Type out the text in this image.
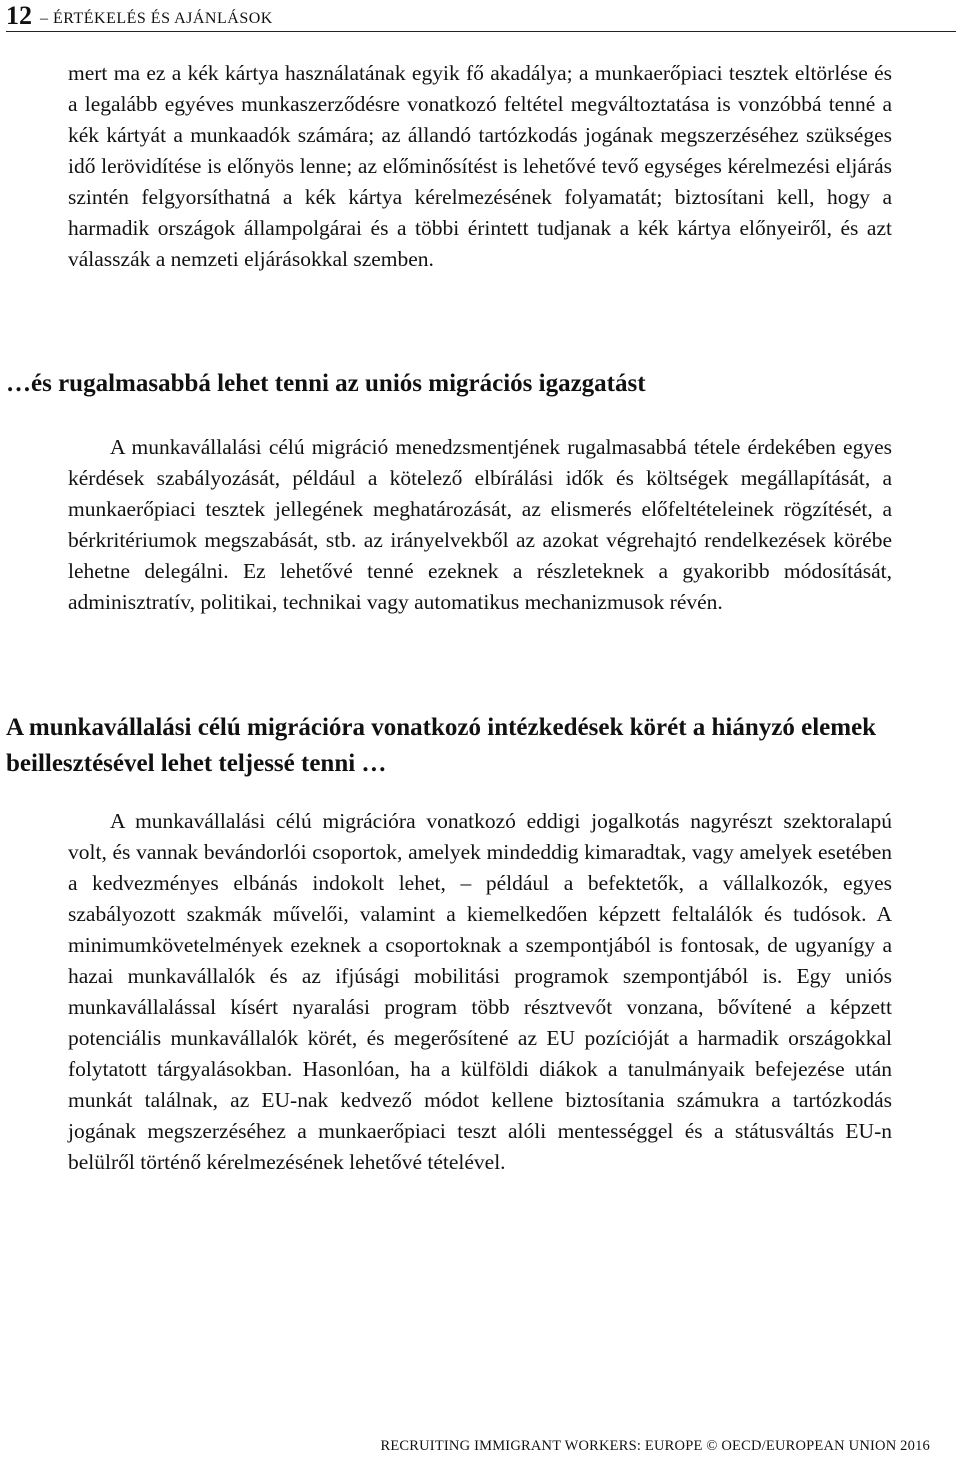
12 – ÉRTÉKELÉS ÉS AJÁNLÁSOK

mert ma ez a kék kártya használatának egyik fő akadálya; a munkaerőpiaci tesztek eltörlése és a legalább egyéves munkaszerződésre vonatkozó feltétel megváltoztatása is vonzóbbá tenné a kék kártyát a munkaadók számára; az állandó tartózkodás jogának megszerzéséhez szükséges idő lerövidítése is előnyös lenne; az előminősítést is lehetővé tevő egységes kérelmezési eljárás szintén felgyorsíthatná a kék kártya kérelmezésének folyamatát; biztosítani kell, hogy a harmadik országok állampolgárai és a többi érintett tudjanak a kék kártya előnyeiről, és azt válasszák a nemzeti eljárásokkal szemben.

…és rugalmasabbá lehet tenni az uniós migrációs igazgatást

A munkavállalási célú migráció menedzsmentjének rugalmasabbá tétele érdekében egyes kérdések szabályozását, például a kötelező elbírálási idők és költségek megállapítását, a munkaerőpiaci tesztek jellegének meghatározását, az elismerés előfeltételeinek rögzítését, a bérkritériumok megszabását, stb. az irányelvekből az azokat végrehajtó rendelkezések körébe lehetne delegálni. Ez lehetővé tenné ezeknek a részleteknek a gyakoribb módosítását, adminisztratív, politikai, technikai vagy automatikus mechanizmusok révén.

A munkavállalási célú migrációra vonatkozó intézkedések körét a hiányzó elemek beillesztésével lehet teljessé tenni …

A munkavállalási célú migrációra vonatkozó eddigi jogalkotás nagyrészt szektoralapú volt, és vannak bevándorlói csoportok, amelyek mindeddig kimaradtak, vagy amelyek esetében a kedvezményes elbánás indokolt lehet, – például a befektetők, a vállalkozók, egyes szabályozott szakmák művelői, valamint a kiemelkedően képzett feltalálók és tudósok. A minimumkövetelmények ezeknek a csoportoknak a szempontjából is fontosak, de ugyanígy a hazai munkavállalók és az ifjúsági mobilitási programok szempontjából is. Egy uniós munkavállalással kísért nyaralási program több résztvevőt vonzana, bővítené a képzett potenciális munkavállalók körét, és megerősítené az EU pozícióját a harmadik országokkal folytatott tárgyalásokban. Hasonlóan, ha a külföldi diákok a tanulmányaik befejezése után munkát találnak, az EU-nak kedvező módot kellene biztosítania számukra a tartózkodás jogának megszerzéséhez a munkaerőpiaci teszt alóli mentességgel és a státusváltás EU-n belülről történő kérelmezésének lehetővé tételével.

RECRUITING IMMIGRANT WORKERS: EUROPE © OECD/EUROPEAN UNION 2016
